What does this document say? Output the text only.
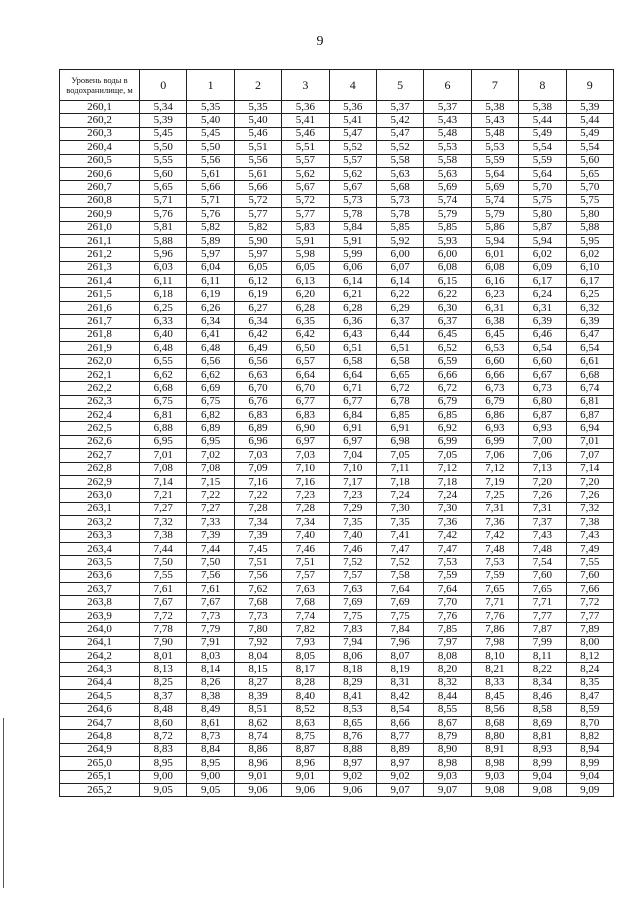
9
Уровень воды в водохранилище, м	0	1	2	3	4	5	6	7	8	9
260,1	5,34	5,35	5,35	5,36	5,36	5,37	5,37	5,38	5,38	5,39
260,2	5,39	5,40	5,40	5,41	5,41	5,42	5,43	5,43	5,44	5,44
260,3	5,45	5,45	5,46	5,46	5,47	5,47	5,48	5,48	5,49	5,49
260,4	5,50	5,50	5,51	5,51	5,52	5,52	5,53	5,53	5,54	5,54
260,5	5,55	5,56	5,56	5,57	5,57	5,58	5,58	5,59	5,59	5,60
260,6	5,60	5,61	5,61	5,62	5,62	5,63	5,63	5,64	5,64	5,65
260,7	5,65	5,66	5,66	5,67	5,67	5,68	5,69	5,69	5,70	5,70
260,8	5,71	5,71	5,72	5,72	5,73	5,73	5,74	5,74	5,75	5,75
260,9	5,76	5,76	5,77	5,77	5,78	5,78	5,79	5,79	5,80	5,80
261,0	5,81	5,82	5,82	5,83	5,84	5,85	5,85	5,86	5,87	5,88
261,1	5,88	5,89	5,90	5,91	5,91	5,92	5,93	5,94	5,94	5,95
261,2	5,96	5,97	5,97	5,98	5,99	6,00	6,00	6,01	6,02	6,02
261,3	6,03	6,04	6,05	6,05	6,06	6,07	6,08	6,08	6,09	6,10
261,4	6,11	6,11	6,12	6,13	6,14	6,14	6,15	6,16	6,17	6,17
261,5	6,18	6,19	6,19	6,20	6,21	6,22	6,22	6,23	6,24	6,25
261,6	6,25	6,26	6,27	6,28	6,28	6,29	6,30	6,31	6,31	6,32
261,7	6,33	6,34	6,34	6,35	6,36	6,37	6,37	6,38	6,39	6,39
261,8	6,40	6,41	6,42	6,42	6,43	6,44	6,45	6,45	6,46	6,47
261,9	6,48	6,48	6,49	6,50	6,51	6,51	6,52	6,53	6,54	6,54
262,0	6,55	6,56	6,56	6,57	6,58	6,58	6,59	6,60	6,60	6,61
262,1	6,62	6,62	6,63	6,64	6,64	6,65	6,66	6,66	6,67	6,68
262,2	6,68	6,69	6,70	6,70	6,71	6,72	6,72	6,73	6,73	6,74
262,3	6,75	6,75	6,76	6,77	6,77	6,78	6,79	6,79	6,80	6,81
262,4	6,81	6,82	6,83	6,83	6,84	6,85	6,85	6,86	6,87	6,87
262,5	6,88	6,89	6,89	6,90	6,91	6,91	6,92	6,93	6,93	6,94
262,6	6,95	6,95	6,96	6,97	6,97	6,98	6,99	6,99	7,00	7,01
262,7	7,01	7,02	7,03	7,03	7,04	7,05	7,05	7,06	7,06	7,07
262,8	7,08	7,08	7,09	7,10	7,10	7,11	7,12	7,12	7,13	7,14
262,9	7,14	7,15	7,16	7,16	7,17	7,18	7,18	7,19	7,20	7,20
263,0	7,21	7,22	7,22	7,23	7,23	7,24	7,24	7,25	7,26	7,26
263,1	7,27	7,27	7,28	7,28	7,29	7,30	7,30	7,31	7,31	7,32
263,2	7,32	7,33	7,34	7,34	7,35	7,35	7,36	7,36	7,37	7,38
263,3	7,38	7,39	7,39	7,40	7,40	7,41	7,42	7,42	7,43	7,43
263,4	7,44	7,44	7,45	7,46	7,46	7,47	7,47	7,48	7,48	7,49
263,5	7,50	7,50	7,51	7,51	7,52	7,52	7,53	7,53	7,54	7,55
263,6	7,55	7,56	7,56	7,57	7,57	7,58	7,59	7,59	7,60	7,60
263,7	7,61	7,61	7,62	7,63	7,63	7,64	7,64	7,65	7,65	7,66
263,8	7,67	7,67	7,68	7,68	7,69	7,69	7,70	7,71	7,71	7,72
263,9	7,72	7,73	7,73	7,74	7,75	7,75	7,76	7,76	7,77	7,77
264,0	7,78	7,79	7,80	7,82	7,83	7,84	7,85	7,86	7,87	7,89
264,1	7,90	7,91	7,92	7,93	7,94	7,96	7,97	7,98	7,99	8,00
264,2	8,01	8,03	8,04	8,05	8,06	8,07	8,08	8,10	8,11	8,12
264,3	8,13	8,14	8,15	8,17	8,18	8,19	8,20	8,21	8,22	8,24
264,4	8,25	8,26	8,27	8,28	8,29	8,31	8,32	8,33	8,34	8,35
264,5	8,37	8,38	8,39	8,40	8,41	8,42	8,44	8,45	8,46	8,47
264,6	8,48	8,49	8,51	8,52	8,53	8,54	8,55	8,56	8,58	8,59
264,7	8,60	8,61	8,62	8,63	8,65	8,66	8,67	8,68	8,69	8,70
264,8	8,72	8,73	8,74	8,75	8,76	8,77	8,79	8,80	8,81	8,82
264,9	8,83	8,84	8,86	8,87	8,88	8,89	8,90	8,91	8,93	8,94
265,0	8,95	8,95	8,96	8,96	8,97	8,97	8,98	8,98	8,99	8,99
265,1	9,00	9,00	9,01	9,01	9,02	9,02	9,03	9,03	9,04	9,04
265,2	9,05	9,05	9,06	9,06	9,06	9,07	9,07	9,08	9,08	9,09
